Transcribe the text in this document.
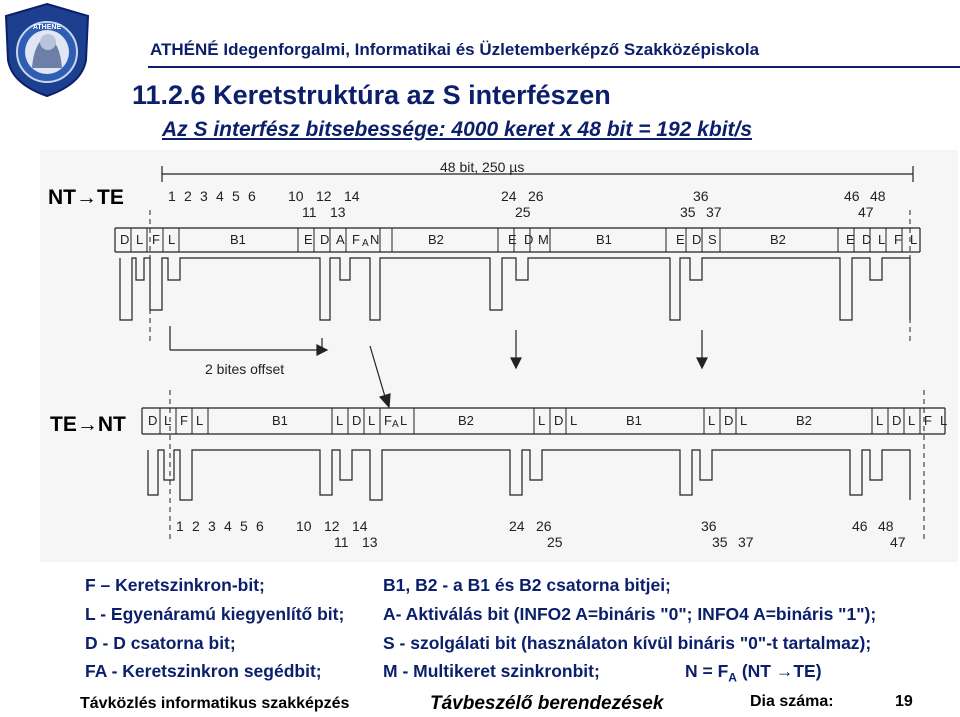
ATHENE
ATHÉNÉ Idegenforgalmi, Informatikai és Üzletemberképző Szakközépiskola
11.2.6 Keretstruktúra az S interfészen
Az S interfész bitsebessége: 4000 keret x 48 bit = 192 kbit/s
48 bit, 250 µs
NT→TE
TE→NT
2 bites offset
1 2 3 4 5 6 10 12 14	24 26	36	46 48
11 13	25	35 37	47
D L F L	B1	E D A F A N	B2	E D M	B1	E D S	B2	E D L F L
D L F L	B1	L D L F A L	B2	L D L	B1	L D L	B2	L D L F L
1 2 3 4 5 6 10 12 14	24 26	36	46 48
11 13	25	35 37	47
F – Keretszinkron-bit;
L - Egyenáramú kiegyenlítő bit;
D - D csatorna bit;
FA - Keretszinkron segédbit;
B1, B2 - a B1 és B2 csatorna bitjei;
A- Aktiválás bit (INFO2 A=bináris "0"; INFO4 A=bináris "1");
S - szolgálati bit (használaton kívül bináris "0"-t tartalmaz);
M - Multikeret szinkronbit;	$N = F_A$ (NT →TE)
Távközlés informatikus szakképzés	Távbeszélő berendezések	Dia száma:	19
